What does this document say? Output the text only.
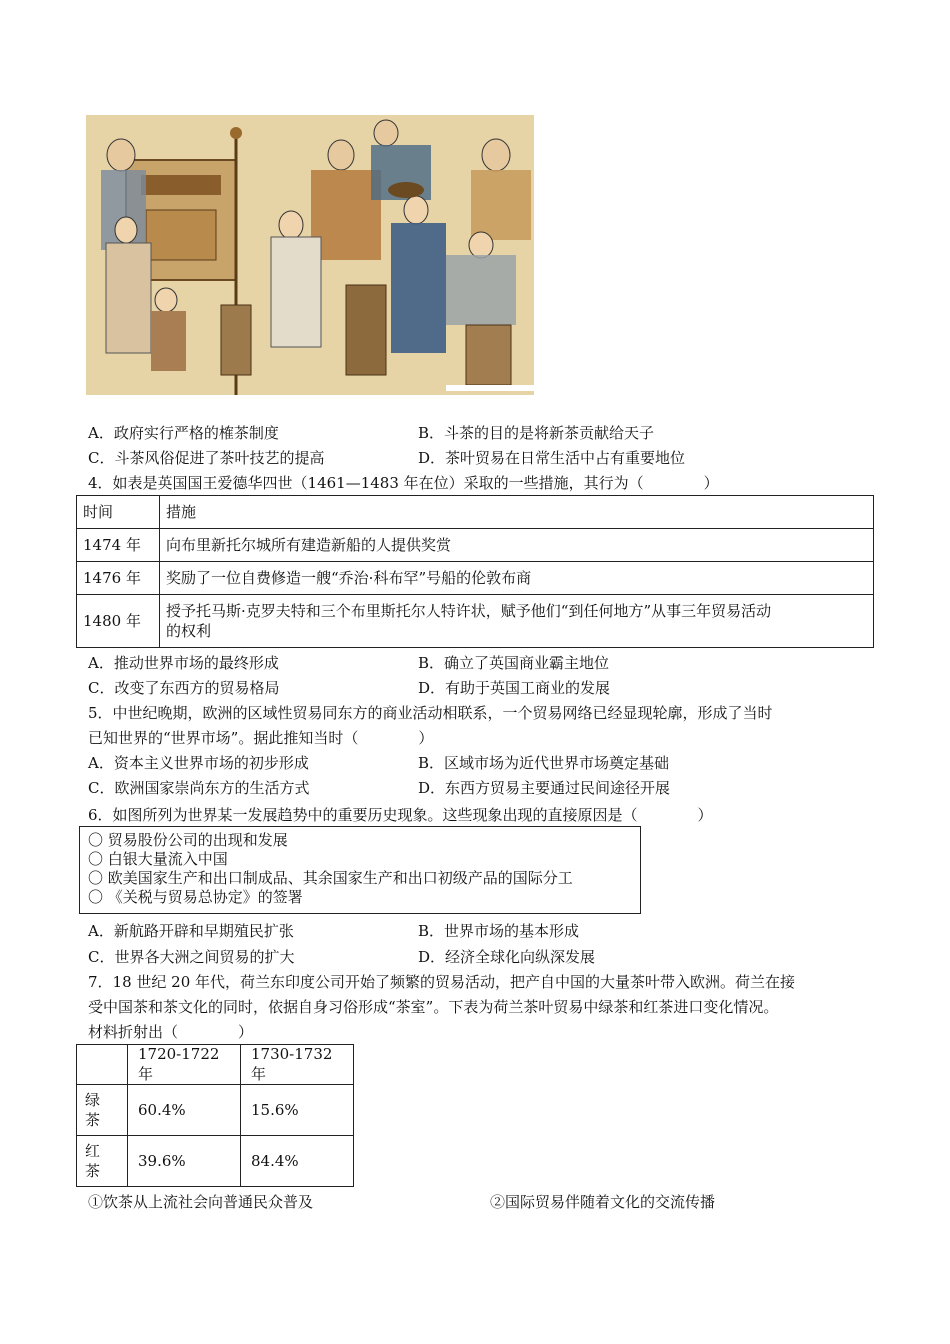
A．政府实行严格的榷茶制度	B．斗茶的目的是将新茶贡献给天子
C．斗茶风俗促进了茶叶技艺的提高	D．茶叶贸易在日常生活中占有重要地位
4．如表是英国国王爱德华四世（1461—1483 年在位）采取的一些措施，其行为（　　　　）
时间	措施
1474 年	向布里新托尔城所有建造新船的人提供奖赏
1476 年	奖励了一位自费修造一艘“乔治·科布罕”号船的伦敦布商
1480 年	授予托马斯·克罗夫特和三个布里斯托尔人特许状，赋予他们“到任何地方”从事三年贸易活动
的权利
A．推动世界市场的最终形成	B．确立了英国商业霸主地位
C．改变了东西方的贸易格局	D．有助于英国工商业的发展
5．中世纪晚期，欧洲的区域性贸易同东方的商业活动相联系，一个贸易网络已经显现轮廓，形成了当时
已知世界的“世界市场”。据此推知当时（　　　　）
A．资本主义世界市场的初步形成	B．区域市场为近代世界市场奠定基础
C．欧洲国家崇尚东方的生活方式	D．东西方贸易主要通过民间途径开展
6．如图所列为世界某一发展趋势中的重要历史现象。这些现象出现的直接原因是（　　　　）
〇 贸易股份公司的出现和发展
〇 白银大量流入中国
〇 欧美国家生产和出口制成品、其余国家生产和出口初级产品的国际分工
〇 《关税与贸易总协定》的签署
A．新航路开辟和早期殖民扩张	B．世界市场的基本形成
C．世界各大洲之间贸易的扩大	D．经济全球化向纵深发展
7．18 世纪 20 年代，荷兰东印度公司开始了频繁的贸易活动，把产自中国的大量茶叶带入欧洲。荷兰在接
受中国茶和茶文化的同时，依据自身习俗形成“茶室”。下表为荷兰茶叶贸易中绿茶和红茶进口变化情况。
材料折射出（　　　　）
	1720-1722 年	1730-1732 年

绿
茶	60.4%	15.6%

红
茶	39.6%	84.4%
①饮茶从上流社会向普通民众普及	②国际贸易伴随着文化的交流传播
